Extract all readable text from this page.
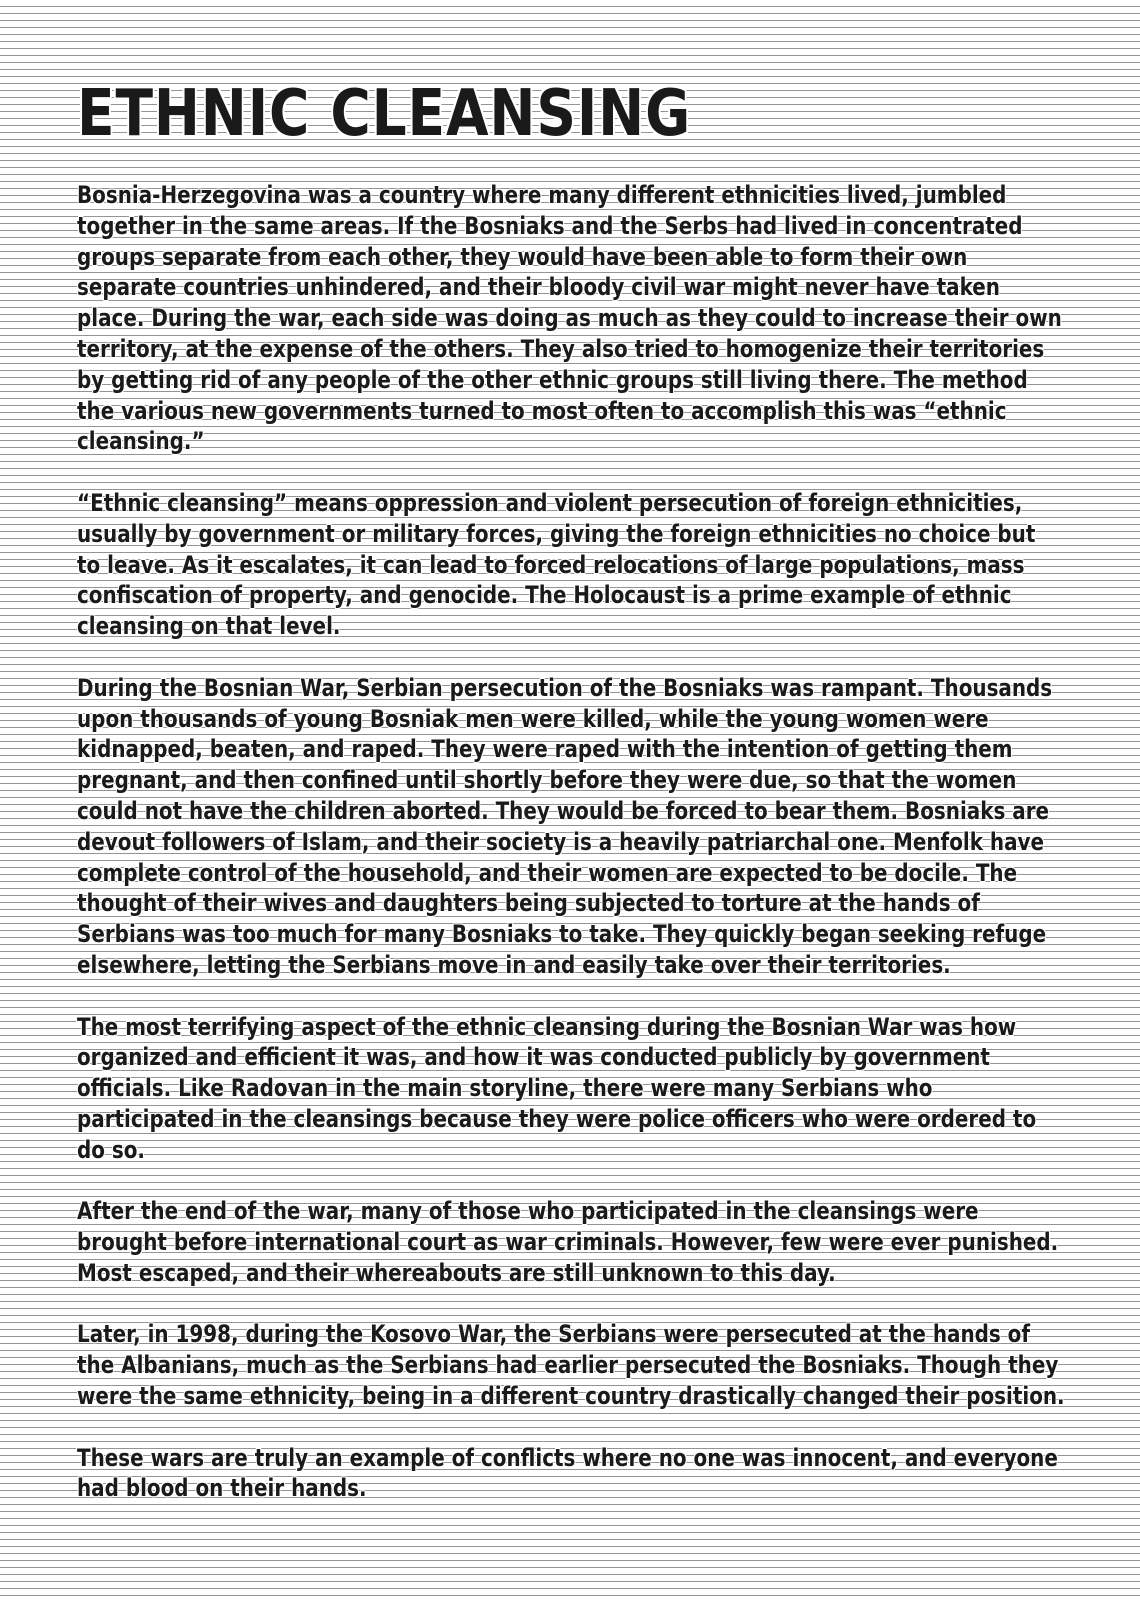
ETHNIC CLEANSING

Bosnia-Herzegovina was a country where many different ethnicities lived, jumbled together in the same areas. If the Bosniaks and the Serbs had lived in concentrated groups separate from each other, they would have been able to form their own separate countries unhindered, and their bloody civil war might never have taken place. During the war, each side was doing as much as they could to increase their own territory, at the expense of the others. They also tried to homogenize their territories by getting rid of any people of the other ethnic groups still living there. The method the various new governments turned to most often to accomplish this was “ethnic cleansing.”

“Ethnic cleansing” means oppression and violent persecution of foreign ethnicities, usually by government or military forces, giving the foreign ethnicities no choice but to leave. As it escalates, it can lead to forced relocations of large populations, mass confiscation of property, and genocide. The Holocaust is a prime example of ethnic cleansing on that level.

During the Bosnian War, Serbian persecution of the Bosniaks was rampant. Thousands upon thousands of young Bosniak men were killed, while the young women were kidnapped, beaten, and raped. They were raped with the intention of getting them pregnant, and then confined until shortly before they were due, so that the women could not have the children aborted. They would be forced to bear them. Bosniaks are devout followers of Islam, and their society is a heavily patriarchal one. Menfolk have complete control of the household, and their women are expected to be docile. The thought of their wives and daughters being subjected to torture at the hands of Serbians was too much for many Bosniaks to take. They quickly began seeking refuge elsewhere, letting the Serbians move in and easily take over their territories.

The most terrifying aspect of the ethnic cleansing during the Bosnian War was how organized and efficient it was, and how it was conducted publicly by government officials. Like Radovan in the main storyline, there were many Serbians who participated in the cleansings because they were police officers who were ordered to do so.

After the end of the war, many of those who participated in the cleansings were brought before international court as war criminals. However, few were ever punished. Most escaped, and their whereabouts are still unknown to this day.

Later, in 1998, during the Kosovo War, the Serbians were persecuted at the hands of the Albanians, much as the Serbians had earlier persecuted the Bosniaks. Though they were the same ethnicity, being in a different country drastically changed their position.

These wars are truly an example of conflicts where no one was innocent, and everyone had blood on their hands.
